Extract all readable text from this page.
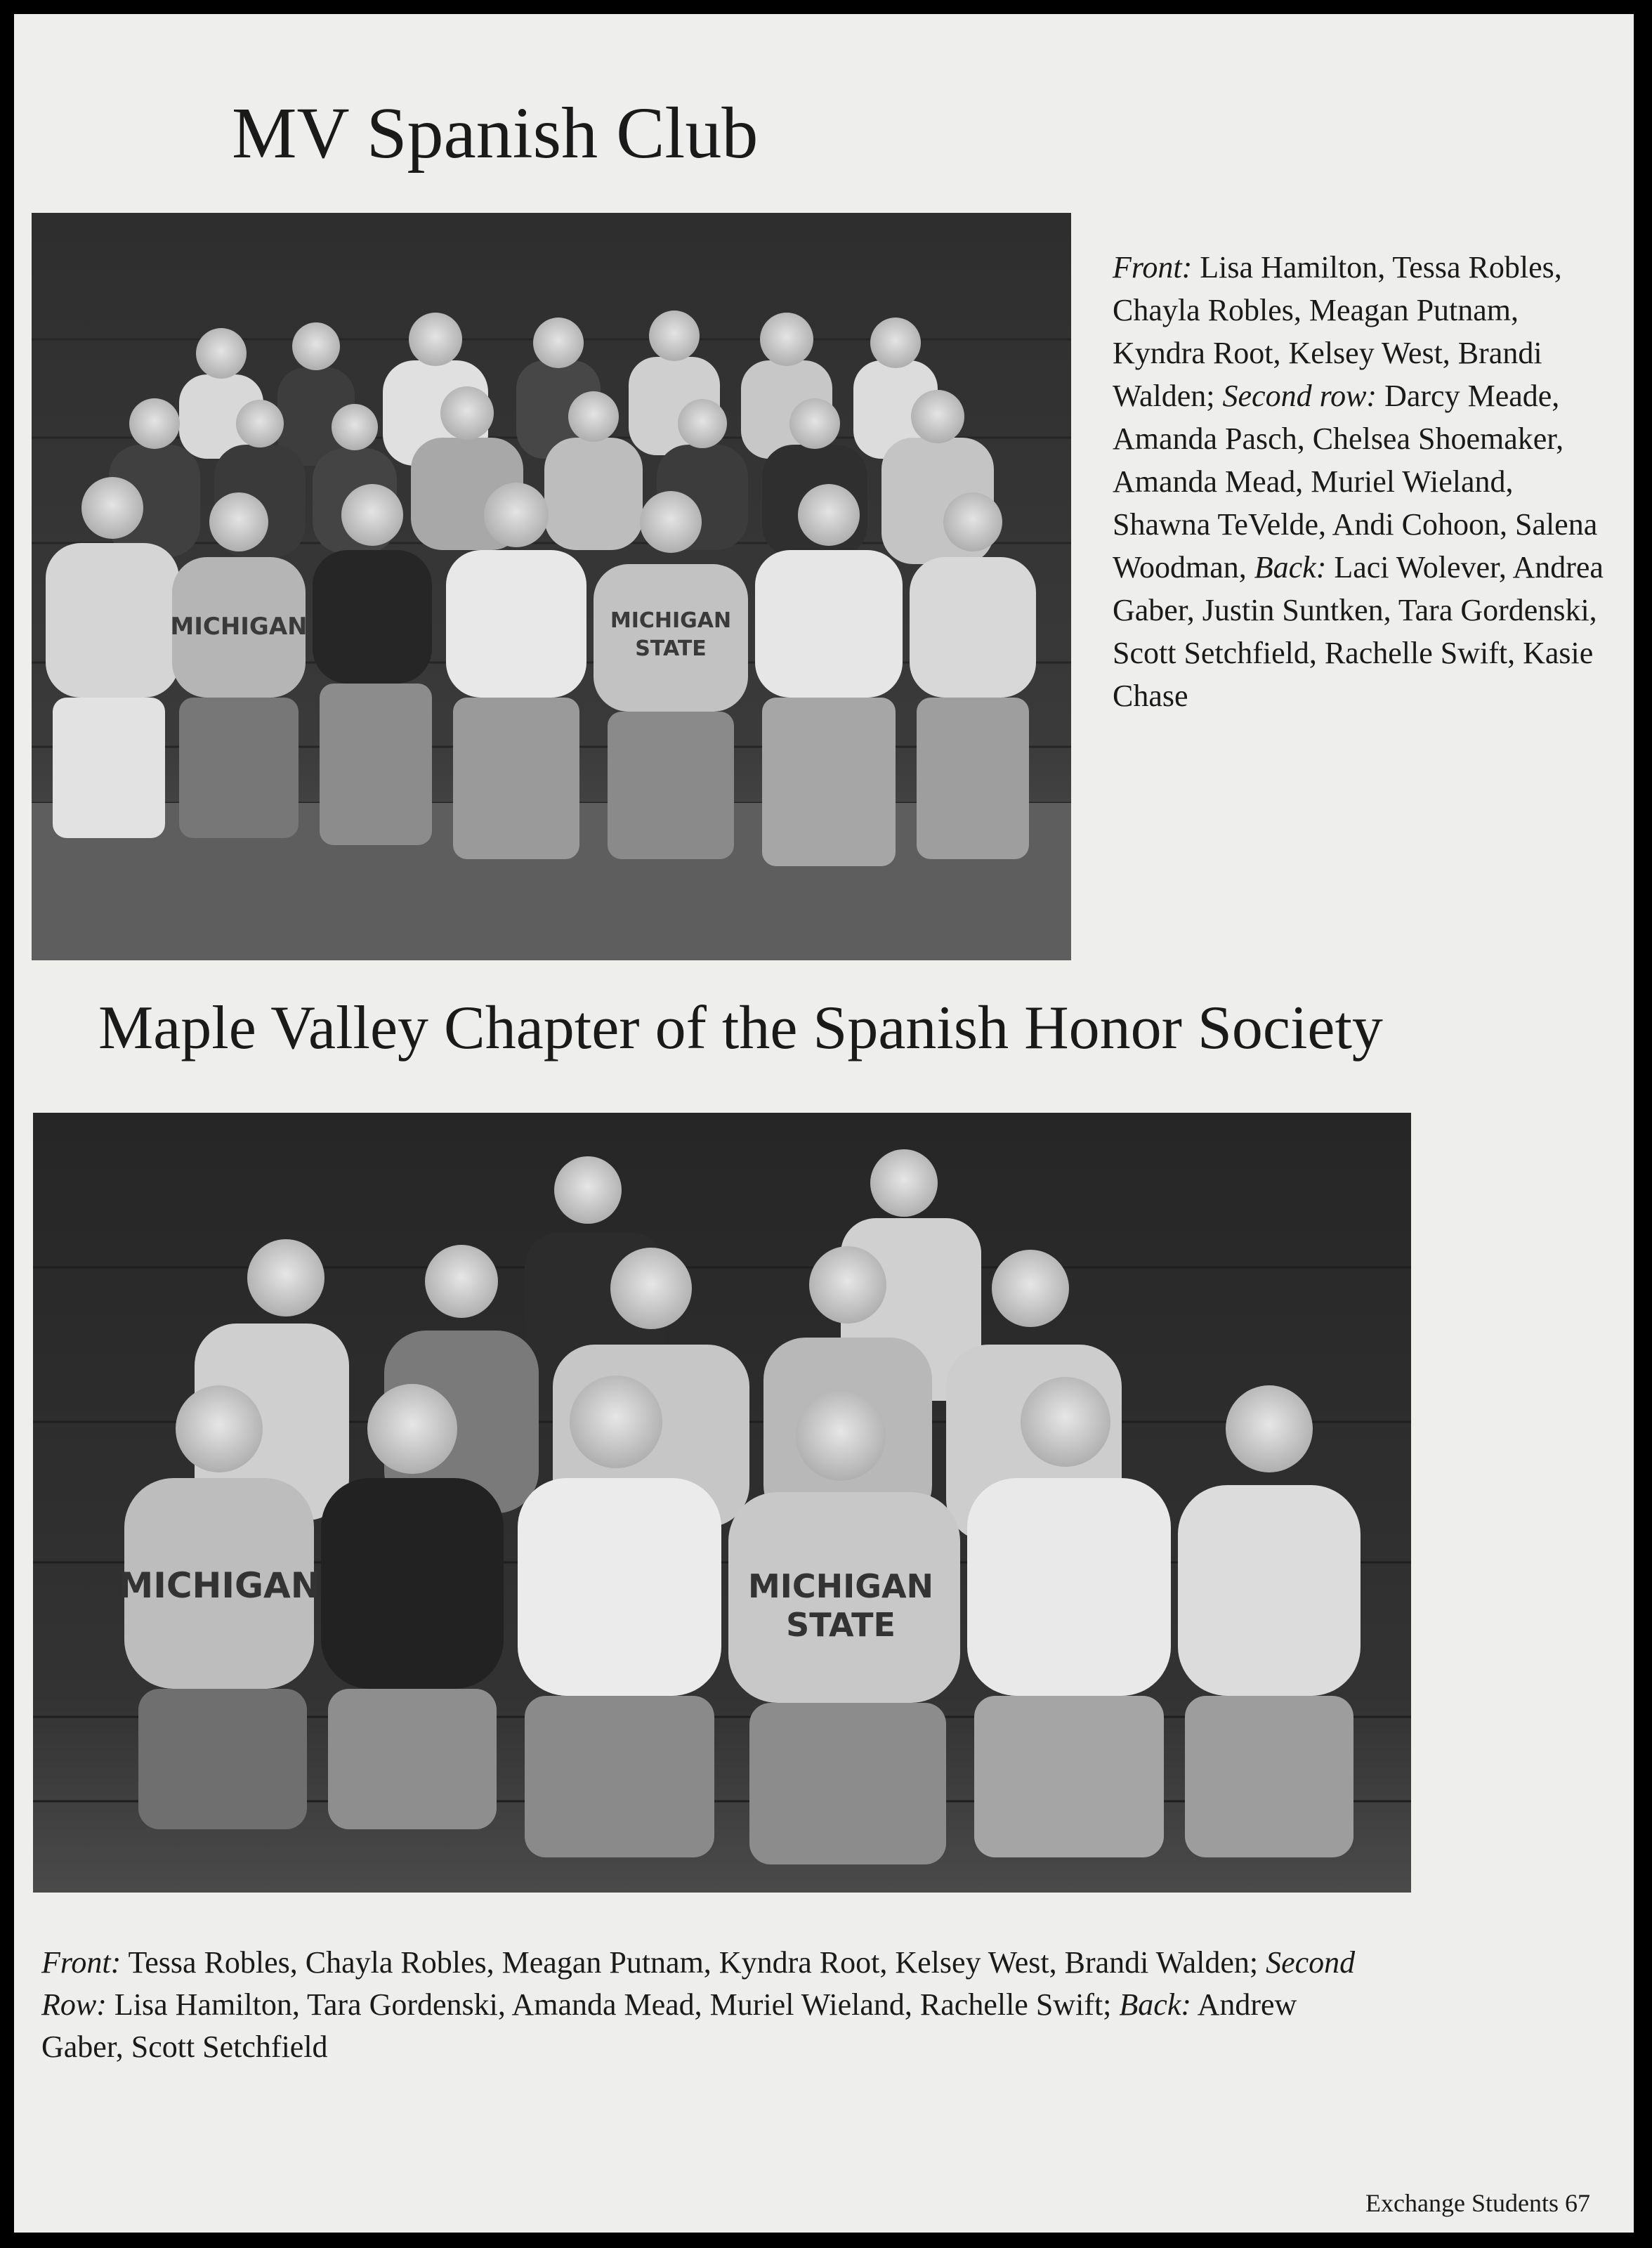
MV Spanish Club
MICHIGAN	MICHIGAN
STATE

Front: Lisa Hamilton, Tessa Robles, Chayla Robles, Meagan Putnam, Kyndra Root, Kelsey West, Brandi Walden; Second row: Darcy Meade, Amanda Pasch, Chelsea Shoemaker, Amanda Mead, Muriel Wieland, Shawna TeVelde, Andi Cohoon, Salena Woodman, Back: Laci Wolever, Andrea Gaber, Justin Suntken, Tara Gordenski, Scott Setchfield, Rachelle Swift, Kasie Chase

Maple Valley Chapter of the Spanish Honor Society
MICHIGAN	MICHIGAN
STATE

Front: Tessa Robles, Chayla Robles, Meagan Putnam, Kyndra Root, Kelsey West, Brandi Walden; Second Row: Lisa Hamilton, Tara Gordenski, Amanda Mead, Muriel Wieland, Rachelle Swift; Back: Andrew Gaber, Scott Setchfield

Exchange Students 67
